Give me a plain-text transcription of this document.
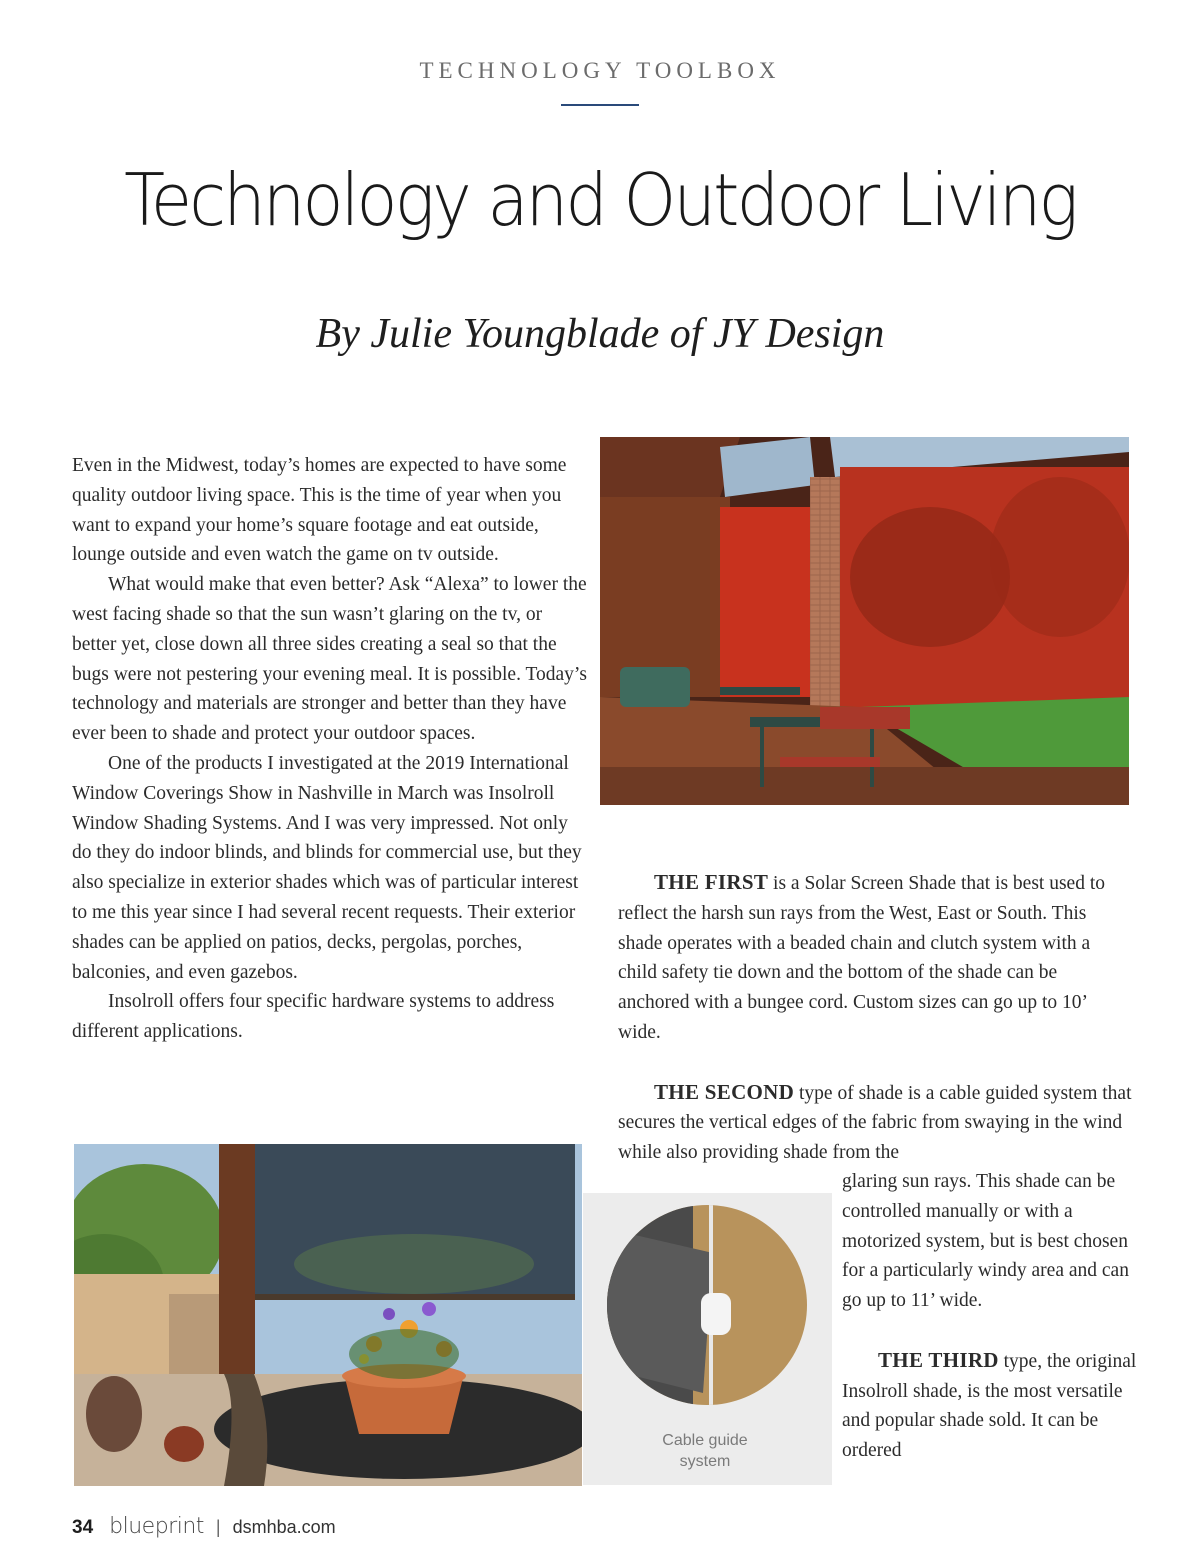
TECHNOLOGY TOOLBOX
Technology and Outdoor Living
By Julie Youngblade of JY Design

Even in the Midwest, today’s homes are expected to have some quality outdoor living space. This is the time of year when you want to expand your home’s square footage and eat outside, lounge outside and even watch the game on tv outside.

What would make that even better? Ask “Alexa” to lower the west facing shade so that the sun wasn’t glaring on the tv, or better yet, close down all three sides creating a seal so that the bugs were not pestering your evening meal. It is possible. Today’s technology and materials are stronger and better than they have ever been to shade and protect your outdoor spaces.

One of the products I investigated at the 2019 International Window Coverings Show in Nashville in March was Insolroll Window Shading Systems. And I was very impressed. Not only do they do indoor blinds, and blinds for commercial use, but they also specialize in exterior shades which was of particular interest to me this year since I had several recent requests. Their exterior shades can be applied on patios, decks, pergolas, porches, balconies, and even gazebos.

Insolroll offers four specific hardware systems to address different applications.

THE FIRST is a Solar Screen Shade that is best used to reflect the harsh sun rays from the West, East or South. This shade operates with a beaded chain and clutch system with a child safety tie down and the bottom of the shade can be anchored with a bungee cord. Custom sizes can go up to 10’ wide.

THE SECOND type of shade is a cable guided system that secures the vertical edges of the fabric from swaying in the wind while also providing shade from the

glaring sun rays. This shade can be controlled manually or with a motorized system, but is best chosen for a particularly windy area and can go up to 11’ wide.

THE THIRD type, the original Insolroll shade, is the most versatile and popular shade sold. It can be ordered

Cable guide
system
34 blueprint | dsmhba.com
